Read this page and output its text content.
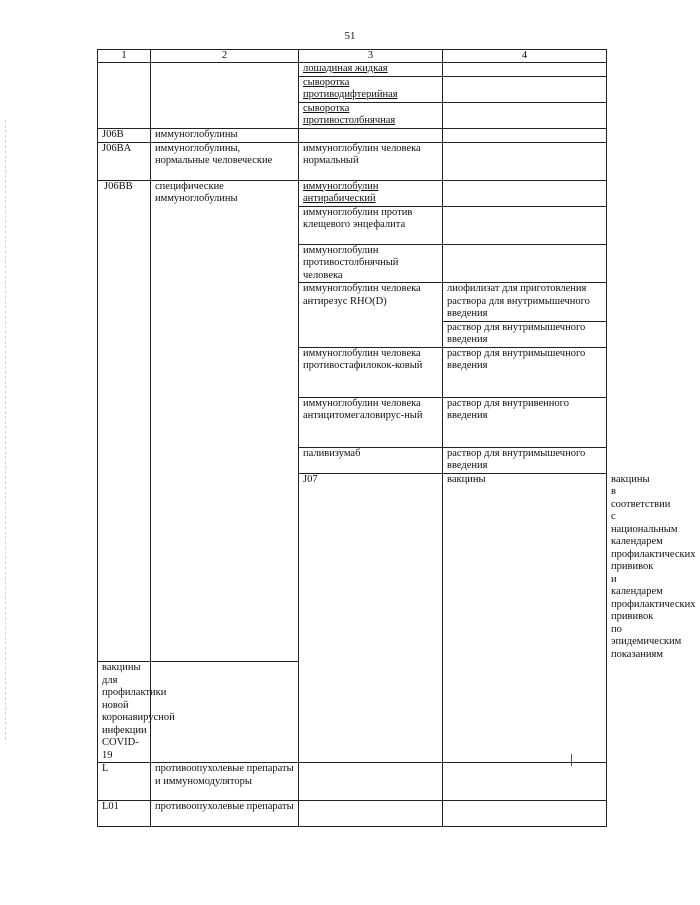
51
1	2	3	4	
		лошадиная жидкая		
		сыворотка противодифтерийная		
		сыворотка противостолбнячная		
J06B	иммуноглобулины			
J06BA	иммуноглобулины, нормальные человеческие	иммуноглобулин человека нормальный		
J06BB	специфические иммуноглобулины	иммуноглобулин антирабический		
		иммуноглобулин против клещевого энцефалита		
		иммуноглобулин противостолбнячный человека		
		иммуноглобулин человека антирезус RHO(D)	лиофилизат для приготовления раствора для внутримышечного введения	
			раствор для внутримышечного введения	
		иммуноглобулин человека противостафилокок-ковый	раствор для внутримышечного введения	
		иммуноглобулин человека антицитомегаловирус-ный	раствор для внутривенного введения	
		паливизумаб	раствор для внутримышечного введения	
		J07	вакцины	вакцины в соответствии с национальным календарем профилактических прививок и календарем профилактических прививок по эпидемическим показаниям	
вакцины для профилактики новой коронавирусной инфекции COVID-19				
L	противоопухолевые препараты и иммуномодуляторы			
L01	противоопухолевые препараты			
